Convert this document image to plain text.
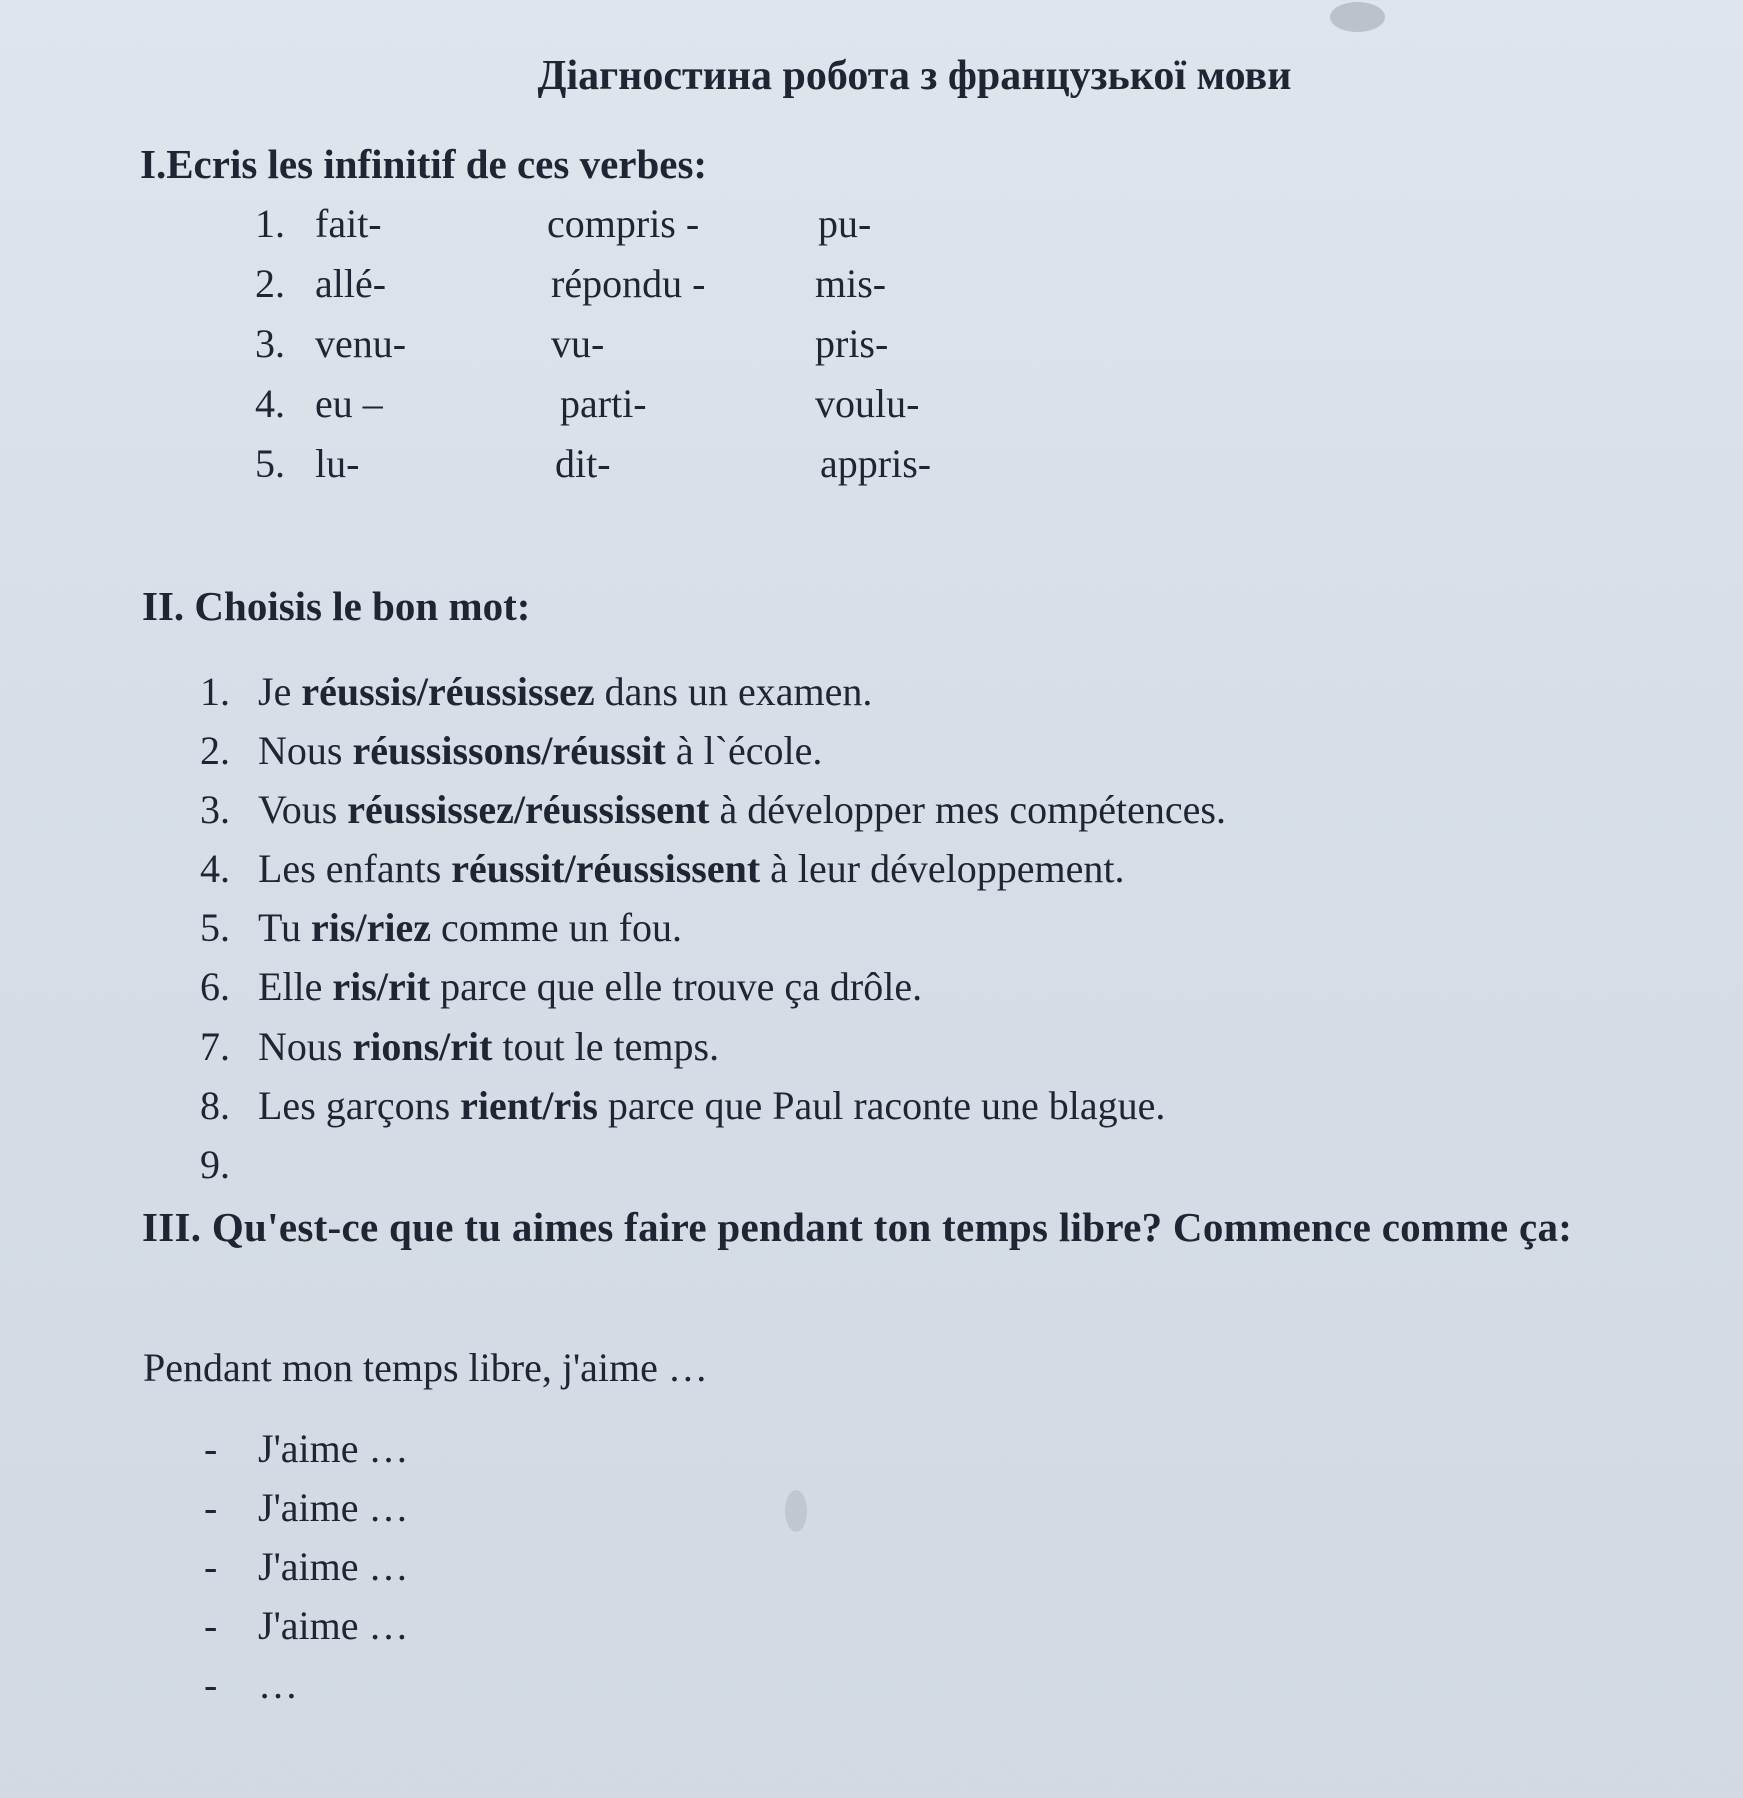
Діагностина робота з французької мови
I.Ecris les infinitif de ces verbes:
1. fait-	compris -	pu-
2. allé-	répondu -	mis-
3. venu-	vu-	pris-
4. eu –	parti-	voulu-
5. lu-	dit-	appris-
II. Choisis le bon mot:
1. Je réussis/réussissez dans un examen.
2. Nous réussissons/réussit à l`école.
3. Vous réussissez/réussissent à développer mes compétences.
4. Les enfants réussit/réussissent à leur développement.
5. Tu ris/riez comme un fou.
6. Elle ris/rit parce que elle trouve ça drôle.
7. Nous rions/rit tout le temps.
8. Les garçons rient/ris parce que Paul raconte une blague.
9.
III. Qu'est-ce que tu aimes faire pendant ton temps libre? Commence comme ça:
Pendant mon temps libre, j'aime …
- J'aime …
- J'aime …
- J'aime …
- J'aime …
- …
